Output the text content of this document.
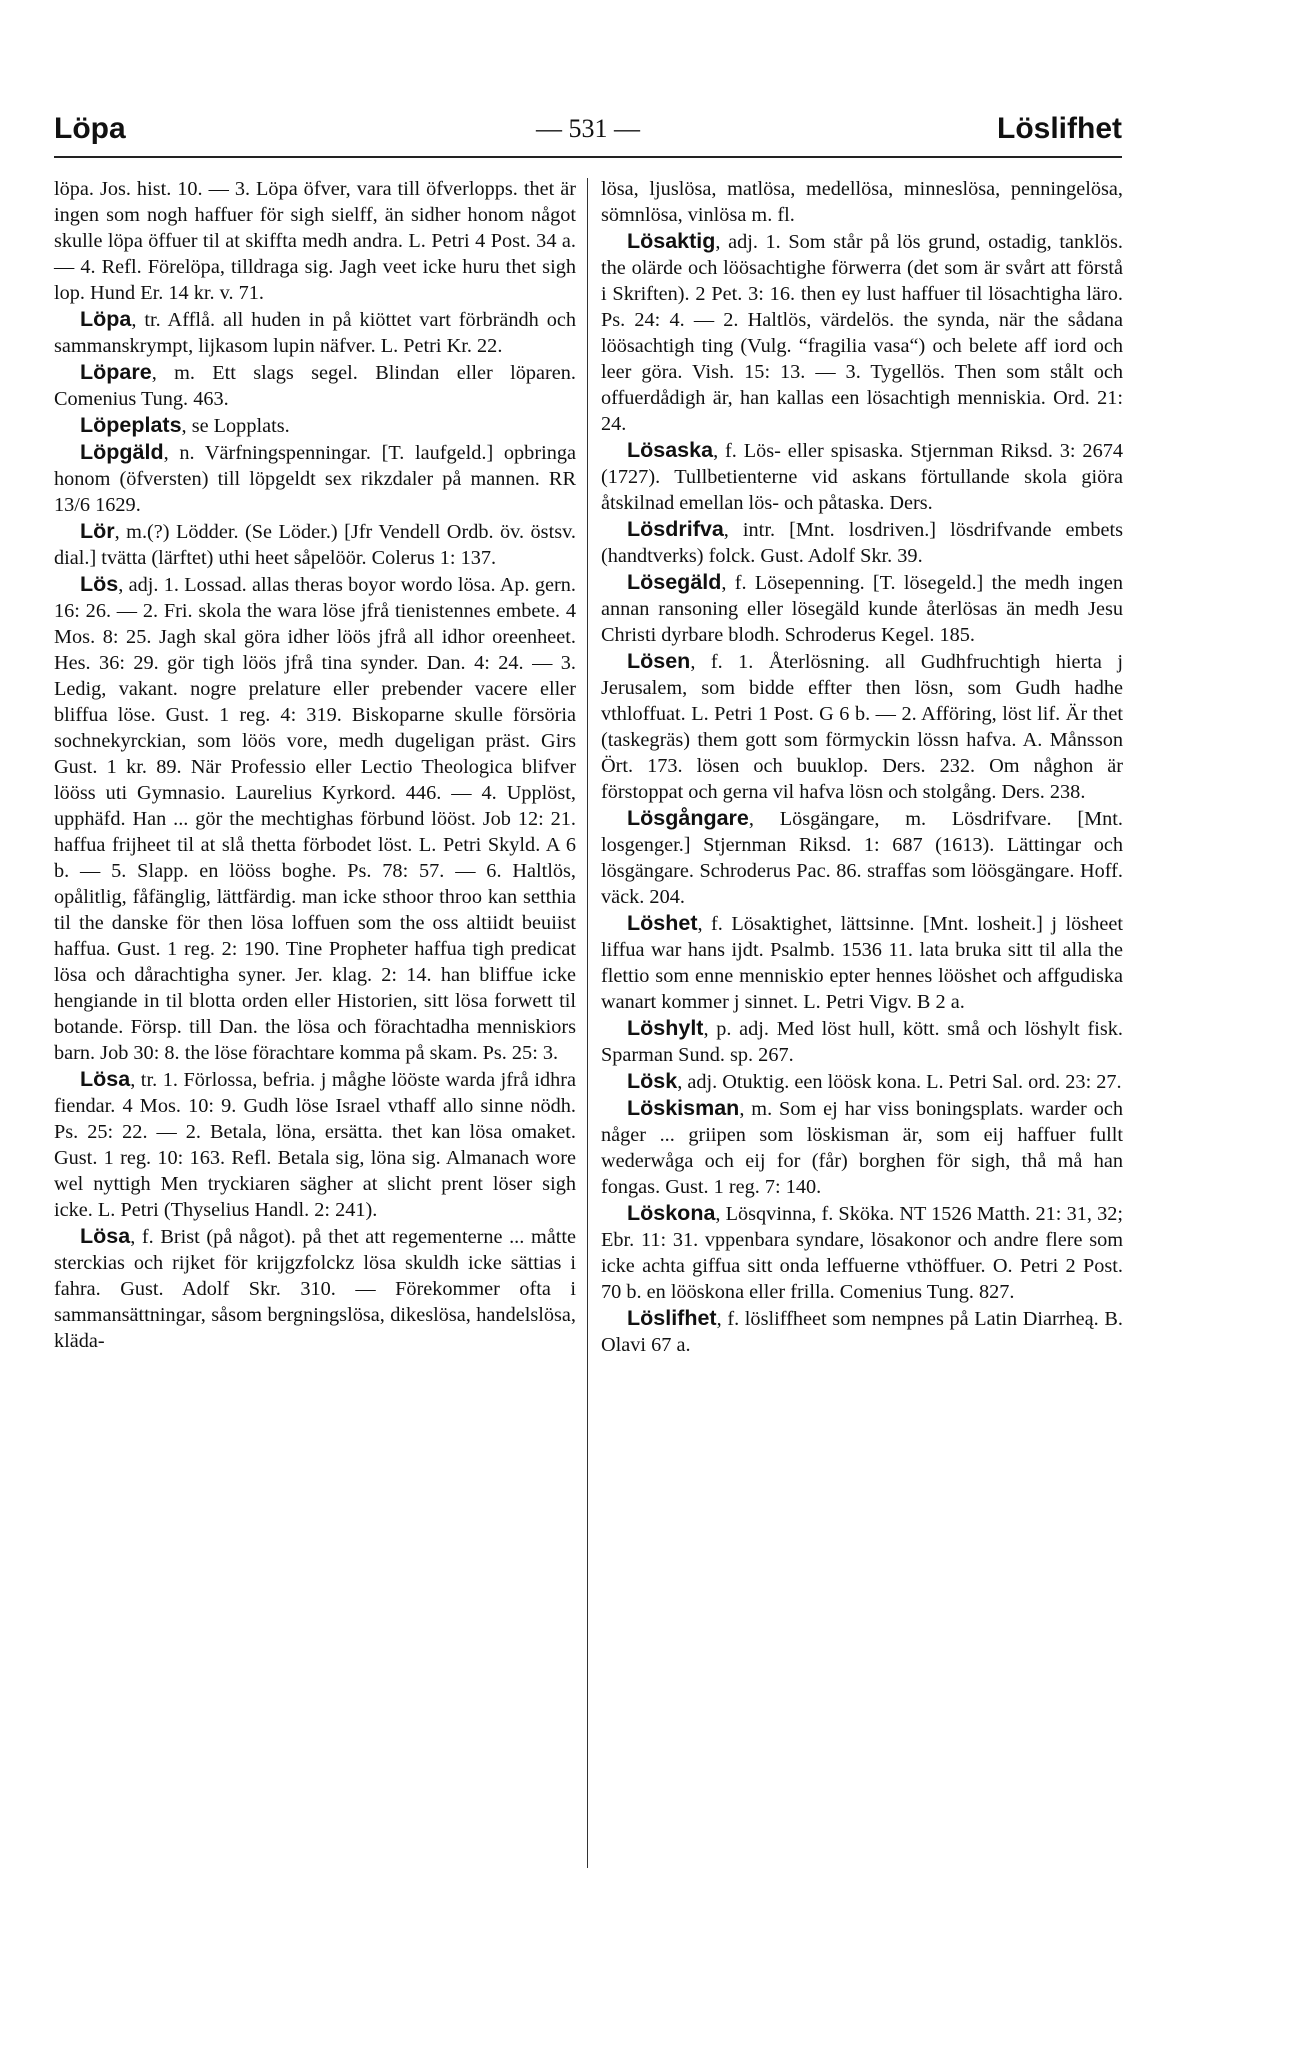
Löpa	— 531 —	Löslifhet

löpa. Jos. hist. 10. — 3. Löpa öfver, vara till öfverlopps. thet är ingen som nogh haffuer för sigh sielff, än sidher honom något skulle löpa öffuer til at skiffta medh andra. L. Petri 4 Post. 34 a. — 4. Refl. Förelöpa, tilldraga sig. Jagh veet icke huru thet sigh lop. Hund Er. 14 kr. v. 71.

Löpa, tr. Afflå. all huden in på kiöttet vart förbrändh och sammanskrympt, lijkasom lupin näfver. L. Petri Kr. 22.

Löpare, m. Ett slags segel. Blindan eller löparen. Comenius Tung. 463.

Löpeplats, se Lopplats.

Löpgäld, n. Värfningspenningar. [T. laufgeld.] opbringa honom (öfversten) till löpgeldt sex rikzdaler på mannen. RR 13/6 1629.

Lör, m.(?) Lödder. (Se Löder.) [Jfr Vendell Ordb. öv. östsv. dial.] tvätta (lärftet) uthi heet såpelöör. Colerus 1: 137.

Lös, adj. 1. Lossad. allas theras boyor wordo lösa. Ap. gern. 16: 26. — 2. Fri. skola the wara löse jfrå tienistennes embete. 4 Mos. 8: 25. Jagh skal göra idher löös jfrå all idhor oreenheet. Hes. 36: 29. gör tigh löös jfrå tina synder. Dan. 4: 24. — 3. Ledig, vakant. nogre prelature eller prebender vacere eller bliffua löse. Gust. 1 reg. 4: 319. Biskoparne skulle försöria sochnekyrckian, som löös vore, medh dugeligan präst. Girs Gust. 1 kr. 89. När Professio eller Lectio Theologica blifver lööss uti Gymnasio. Laurelius Kyrkord. 446. — 4. Upplöst, upphäfd. Han ... gör the mechtighas förbund lööst. Job 12: 21. haffua frijheet til at slå thetta förbodet löst. L. Petri Skyld. A 6 b. — 5. Slapp. en lööss boghe. Ps. 78: 57. — 6. Haltlös, opålitlig, fåfänglig, lättfärdig. man icke sthoor throo kan setthia til the danske för then lösa loffuen som the oss altiidt beuiist haffua. Gust. 1 reg. 2: 190. Tine Propheter haffua tigh predicat lösa och dårachtigha syner. Jer. klag. 2: 14. han bliffue icke hengiande in til blotta orden eller Historien, sitt lösa forwett til botande. Försp. till Dan. the lösa och förachtadha menniskiors barn. Job 30: 8. the löse förachtare komma på skam. Ps. 25: 3.

Lösa, tr. 1. Förlossa, befria. j måghe lööste warda jfrå idhra fiendar. 4 Mos. 10: 9. Gudh löse Israel vthaff allo sinne nödh. Ps. 25: 22. — 2. Betala, löna, ersätta. thet kan lösa omaket. Gust. 1 reg. 10: 163. Refl. Betala sig, löna sig. Almanach wore wel nyttigh Men tryckiaren sägher at slicht prent löser sigh icke. L. Petri (Thyselius Handl. 2: 241).

Lösa, f. Brist (på något). på thet att regementerne ... måtte sterckias och rijket för krijgzfolckz lösa skuldh icke sättias i fahra. Gust. Adolf Skr. 310. — Förekommer ofta i sammansättningar, såsom bergningslösa, dikeslösa, handelslösa, kläda-

lösa, ljuslösa, matlösa, medellösa, minneslösa, penningelösa, sömnlösa, vinlösa m. fl.

Lösaktig, adj. 1. Som står på lös grund, ostadig, tanklös. the olärde och löösachtighe förwerra (det som är svårt att förstå i Skriften). 2 Pet. 3: 16. then ey lust haffuer til lösachtigha läro. Ps. 24: 4. — 2. Haltlös, värdelös. the synda, när the sådana löösachtigh ting (Vulg. “fragilia vasa“) och belete aff iord och leer göra. Vish. 15: 13. — 3. Tygellös. Then som stålt och offuerdådigh är, han kallas een lösachtigh menniskia. Ord. 21: 24.

Lösaska, f. Lös- eller spisaska. Stjernman Riksd. 3: 2674 (1727). Tullbetienterne vid askans förtullande skola giöra åtskilnad emellan lös- och påtaska. Ders.

Lösdrifva, intr. [Mnt. losdriven.] lösdrifvande embets (handtverks) folck. Gust. Adolf Skr. 39.

Lösegäld, f. Lösepenning. [T. lösegeld.] the medh ingen annan ransoning eller lösegäld kunde återlösas än medh Jesu Christi dyrbare blodh. Schroderus Kegel. 185.

Lösen, f. 1. Återlösning. all Gudhfruchtigh hierta j Jerusalem, som bidde effter then lösn, som Gudh hadhe vthloffuat. L. Petri 1 Post. G 6 b. — 2. Afföring, löst lif. Är thet (taskegräs) them gott som förmyckin lössn hafva. A. Månsson Ört. 173. lösen och buuklop. Ders. 232. Om någhon är förstoppat och gerna vil hafva lösn och stolgång. Ders. 238.

Lösgångare, Lösgängare, m. Lösdrifvare. [Mnt. losgenger.] Stjernman Riksd. 1: 687 (1613). Lättingar och lösgängare. Schroderus Pac. 86. straffas som löösgängare. Hoff. väck. 204.

Löshet, f. Lösaktighet, lättsinne. [Mnt. losheit.] j lösheet liffua war hans ijdt. Psalmb. 1536 11. lata bruka sitt til alla the flettio som enne menniskio epter hennes lööshet och affgudiska wanart kommer j sinnet. L. Petri Vigv. B 2 a.

Löshylt, p. adj. Med löst hull, kött. små och löshylt fisk. Sparman Sund. sp. 267.

Lösk, adj. Otuktig. een löösk kona. L. Petri Sal. ord. 23: 27.

Löskisman, m. Som ej har viss boningsplats. warder och någer ... griipen som löskisman är, som eij haffuer fullt wederwåga och eij for (får) borghen för sigh, thå må han fongas. Gust. 1 reg. 7: 140.

Löskona, Lösqvinna, f. Sköka. NT 1526 Matth. 21: 31, 32; Ebr. 11: 31. vppenbara syndare, lösakonor och andre flere som icke achta giffua sitt onda leffuerne vthöffuer. O. Petri 2 Post. 70 b. en lööskona eller frilla. Comenius Tung. 827.

Löslifhet, f. lösliffheet som nempnes på Latin Diarrheą. B. Olavi 67 a.
